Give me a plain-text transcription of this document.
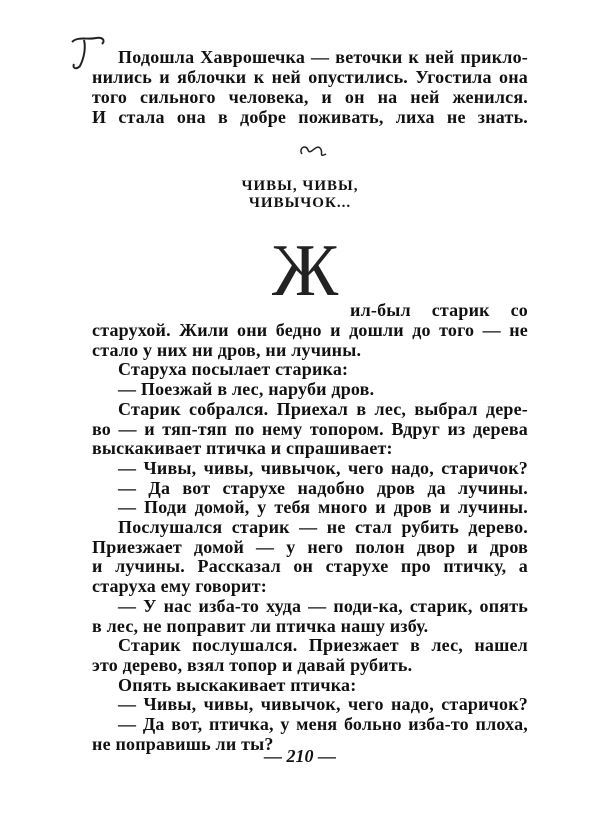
Подошла Хаврошечка — веточки к ней прикло-
нились и яблочки к ней опустились. Угостила она
того сильного человека, и он на ней женился.
И стала она в добре поживать, лиха не знать.
ЧИВЫ, ЧИВЫ,
ЧИВЫЧОК...
Ж ил-был старик со
старухой. Жили они бедно и дошли до того — не
стало у них ни дров, ни лучины.
Старуха посылает старика:
— Поезжай в лес, наруби дров.
Старик собрался. Приехал в лес, выбрал дере-
во — и тяп-тяп по нему топором. Вдруг из дерева
выскакивает птичка и спрашивает:
— Чивы, чивы, чивычок, чего надо, старичок?
— Да вот старухе надобно дров да лучины.
— Поди домой, у тебя много и дров и лучины.
Послушался старик — не стал рубить дерево.
Приезжает домой — у него полон двор и дров
и лучины. Рассказал он старухе про птичку, а
старуха ему говорит:
— У нас изба-то худа — поди-ка, старик, опять
в лес, не поправит ли птичка нашу избу.
Старик послушался. Приезжает в лес, нашел
это дерево, взял топор и давай рубить.
Опять выскакивает птичка:
— Чивы, чивы, чивычок, чего надо, старичок?
— Да вот, птичка, у меня больно изба-то плоха,
не поправишь ли ты?
— 210 —
